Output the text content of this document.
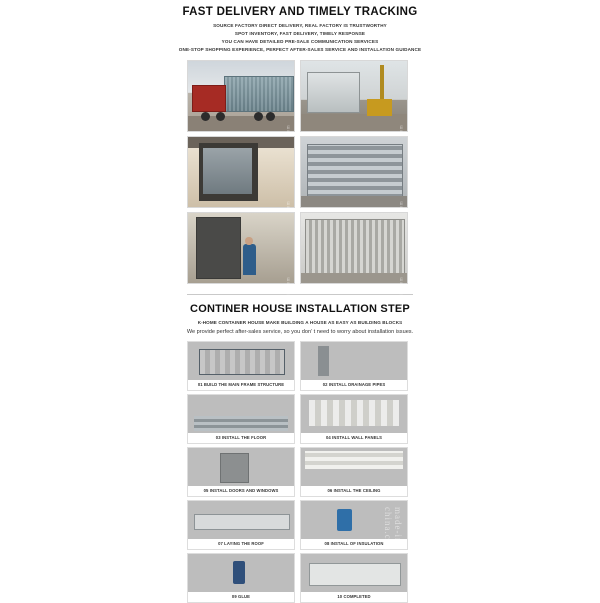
FAST DELIVERY AND TIMELY TRACKING
SOURCE FACTORY DIRECT DELIVERY, REAL FACTORY IS TRUSTWORTHY
SPOT INVENTORY, FAST DELIVERY, TIMELY RESPONSE
YOU CAN HAVE DETAILED PRE-SALE COMMUNICATION SERVICES
ONE-STOP SHOPPING EXPERIENCE, PERFECT AFTER-SALES SERVICE AND INSTALLATION GUIDANCE
made-in-china.com	made-in-china.com
CONTINER HOUSE INSTALLATION STEP
K-HOME CONTAINER HOUSE MAKE BUILDING A HOUSE AS EASY AS BUILDING BLOCKS
We provide perfect after-sales service, so you don’ t need to worry about installation issues.
01 BUILD THE MAIN FRAME STRUCTURE	02 INSTALL DRAINAGE PIPES
03 INSTALL THE FLOOR	04 INSTALL WALL PANELS
05 INSTALL DOORS AND WINDOWS	06 INSTALL THE CEILING
07 LAYING THE ROOF	made-in-china.com
08 INSTALL OF INSULATION
09 GLUE	10 COMPLETED
